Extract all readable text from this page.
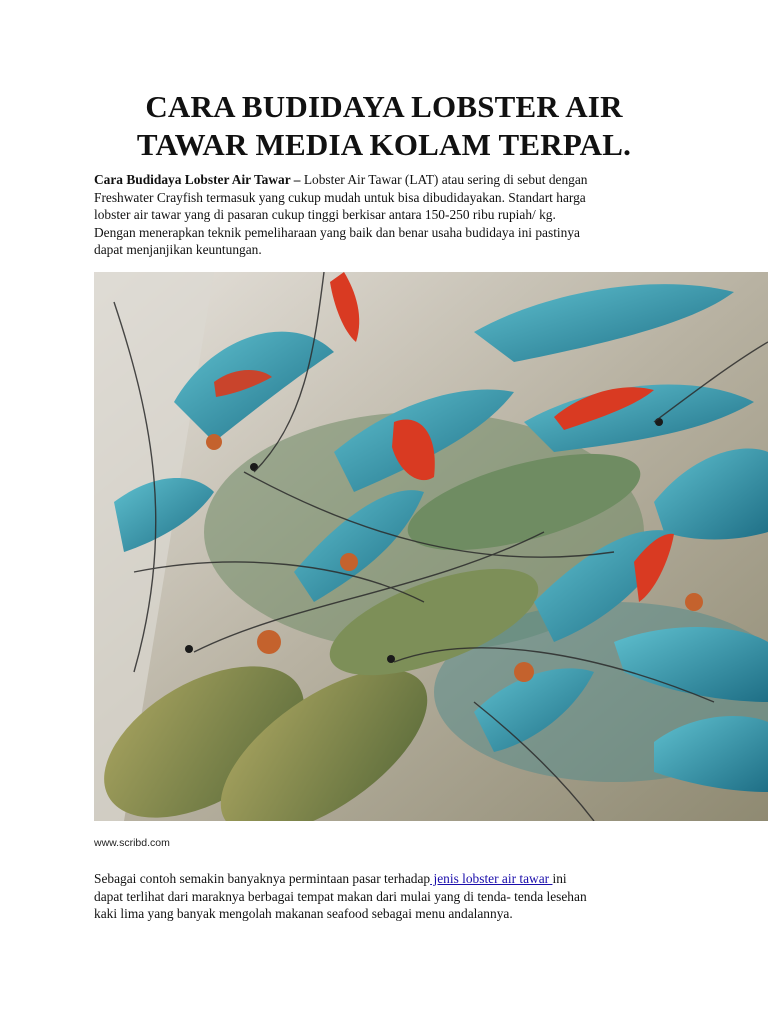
CARA BUDIDAYA LOBSTER AIR
TAWAR MEDIA KOLAM TERPAL.

Cara Budidaya Lobster Air Tawar – Lobster Air Tawar (LAT) atau sering di sebut dengan
Freshwater Crayfish termasuk yang cukup mudah untuk bisa dibudidayakan. Standart harga
lobster air tawar yang di pasaran cukup tinggi berkisar antara 150-250 ribu rupiah/ kg.
Dengan menerapkan teknik pemeliharaan yang baik dan benar usaha budidaya ini pastinya
dapat menjanjikan keuntungan.

www.scribd.com

Sebagai contoh semakin banyaknya permintaan pasar terhadap jenis lobster air tawar ini
dapat terlihat dari maraknya berbagai tempat makan dari mulai yang di tenda- tenda lesehan
kaki lima yang banyak mengolah makanan seafood sebagai menu andalannya.
